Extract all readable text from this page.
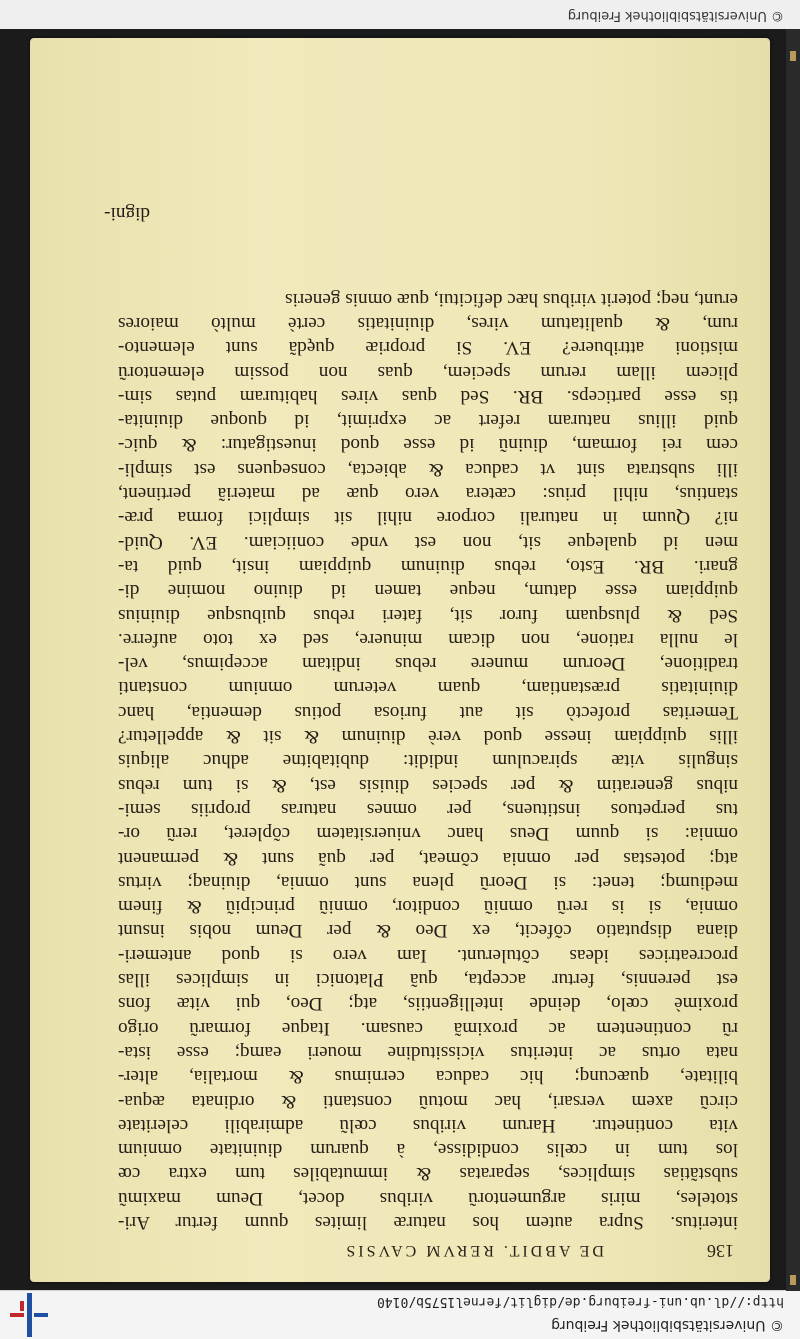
© Universitätsbibliothek Freiburg
http://dl.ub.uni-freiburg.de/diglit/fernel1575b/0140
136
DE ABDIT. RERVM CAVSIS
interitus. Supra autem hos naturæ limites quum fertur Ari-
stoteles, miris argumentorũ viribus docet, Deum maximũ
substãtias simplices, separatas & immutabiles tum extra cœ
los tum in cœlis condidisse, à quarum diuinitate omnium
vita continetur. Harum viribus cœlũ admirabili celeritate
circũ axem versari, hac motuũ constanti & ordinata æqua-
bilitate, quæcunq; hic caduca cernimus & mortalia, alter-
nata ortus ac interitus vicissitudine moueri eamq; esse ista-
rũ continentem ac proximã causam. Itaque formarũ origo
proximè cœlo, deinde intelligentiis, atq; Deo, qui vitæ fons
est perennis, fertur accepta, quã Platonici in simplices illas
procreatrices ideas cõtulerunt. Iam vero si quod antemeri-
diana disputatio cõfecit, ex Deo & per Deum nobis insunt
omnia, si is rerũ omniũ conditor, omniũ principiũ & finem
mediumq; tenet: si Deorũ plena sunt omnia, diuinaq; virtus
atq; potestas per omnia cõmeat, per quã sunt & permanent
omnia: si quum Deus hanc vniuersitatem cõpleret, rerũ or-
tus perpetuos instituens, per omnes naturas propriis semi-
nibus generatim & per species diuisis est, & si tum rebus
singulis vitæ spiraculum indidit: dubitabitne adhuc aliquis
illis quippiam inesse quod verè diuinum & sit & appelletur?
Temeritas profectò sit aut furiosa potius dementia, hanc
diuinitatis præstantiam, quam veterum omnium constanti
traditione, Deorum munere rebus inditam accepimus, vel-
le nulla ratione, non dicam minuere, sed ex toto auferre.
Sed & plusquam furor sit, fateri rebus quibusque diuinius
quippiam esse datum, neque tamen id diuino nomine di-
gnari. BR. Esto, rebus diuinum quippiam insit, quid ta-
men id qualeque sit, non est vnde coniiciam. EV. Quid-
ni? Quum in naturali corpore nihil sit simplici forma præ-
stantius, nihil prius: cætera vero quæ ad materiã pertinent,
illi substrata sint vt caduca & abiecta, consequens est simpli-
cem rei formam, diuinũ id esse quod inuestigatur: & quic-
quid illius naturam refert ac exprimit, id quoque diuinita-
tis esse particeps. BR. Sed quas vires habituram putas sim-
plicem illam rerum speciem, quas non possim elementorũ
mistioni attribuere? EV. Si propriæ quędã sunt elemento-
rum, & qualitatum vires, diuinitatis certè multò maiores
erunt, neq; poterit viribus hæc deficitui, quæ omnis generis
digni-
© Universitätsbibliothek Freiburg
